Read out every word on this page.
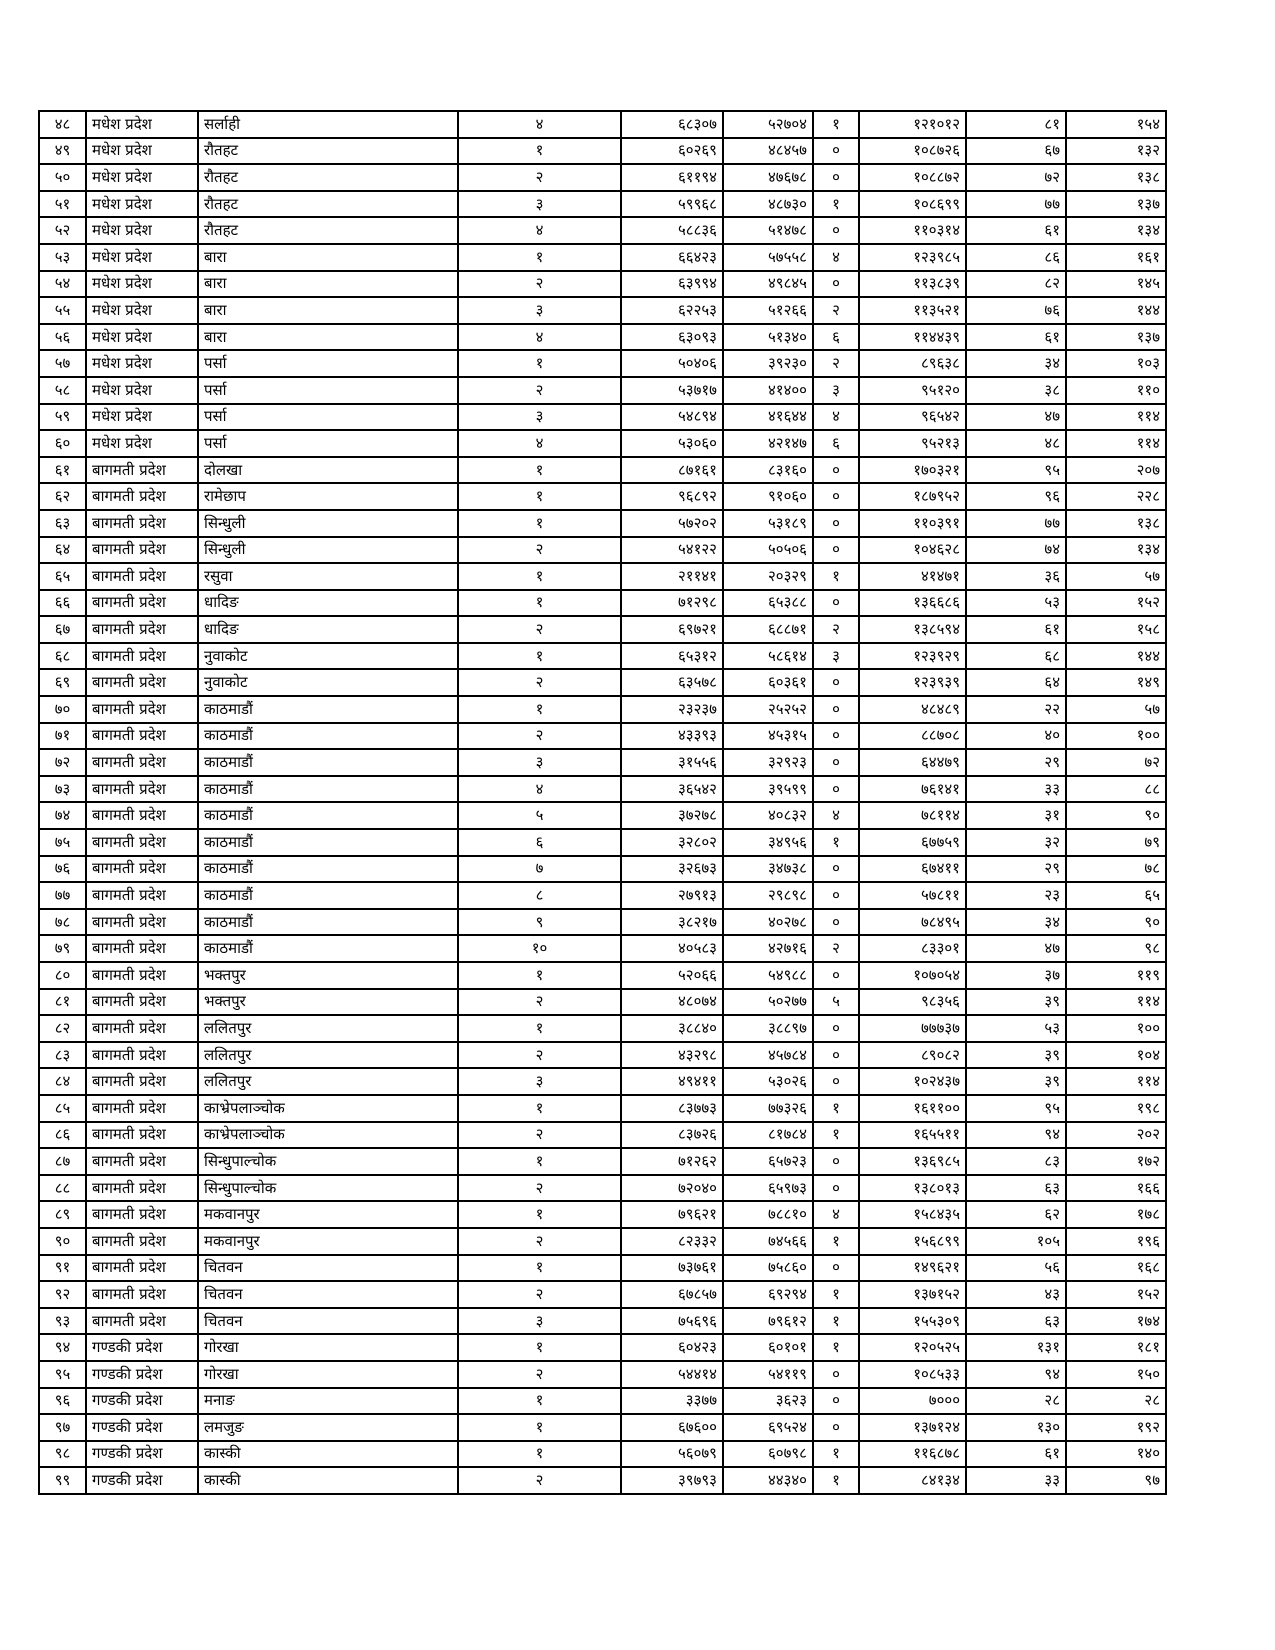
४८	मधेश प्रदेश	सर्लाही	४	६८३०७	५२७०४	१	१२१०१२	८१	१५४
४९	मधेश प्रदेश	रौतहट	१	६०२६९	४८४५७	०	१०८७२६	६७	१३२
५०	मधेश प्रदेश	रौतहट	२	६११९४	४७६७८	०	१०८८७२	७२	१३८
५१	मधेश प्रदेश	रौतहट	३	५९९६८	४८७३०	१	१०८६९९	७७	१३७
५२	मधेश प्रदेश	रौतहट	४	५८८३६	५१४७८	०	११०३१४	६१	१३४
५३	मधेश प्रदेश	बारा	१	६६४२३	५७५५८	४	१२३९८५	८६	१६१
५४	मधेश प्रदेश	बारा	२	६३९९४	४९८४५	०	११३८३९	८२	१४५
५५	मधेश प्रदेश	बारा	३	६२२५३	५१२६६	२	११३५२१	७६	१४४
५६	मधेश प्रदेश	बारा	४	६३०९३	५१३४०	६	११४४३९	६१	१३७
५७	मधेश प्रदेश	पर्सा	१	५०४०६	३९२३०	२	८९६३८	३४	१०३
५८	मधेश प्रदेश	पर्सा	२	५३७१७	४१४००	३	९५१२०	३८	११०
५९	मधेश प्रदेश	पर्सा	३	५४८९४	४१६४४	४	९६५४२	४७	११४
६०	मधेश प्रदेश	पर्सा	४	५३०६०	४२१४७	६	९५२१३	४८	११४
६१	बागमती प्रदेश	दोलखा	१	८७१६१	८३१६०	०	१७०३२१	९५	२०७
६२	बागमती प्रदेश	रामेछाप	१	९६८९२	९१०६०	०	१८७९५२	९६	२२८
६३	बागमती प्रदेश	सिन्धुली	१	५७२०२	५३१८९	०	११०३९१	७७	१३८
६४	बागमती प्रदेश	सिन्धुली	२	५४१२२	५०५०६	०	१०४६२८	७४	१३४
६५	बागमती प्रदेश	रसुवा	१	२११४१	२०३२९	१	४१४७१	३६	५७
६६	बागमती प्रदेश	धादिङ	१	७१२९८	६५३८८	०	१३६६८६	५३	१५२
६७	बागमती प्रदेश	धादिङ	२	६९७२१	६८८७१	२	१३८५९४	६१	१५८
६८	बागमती प्रदेश	नुवाकोट	१	६५३१२	५८६१४	३	१२३९२९	६८	१४४
६९	बागमती प्रदेश	नुवाकोट	२	६३५७८	६०३६१	०	१२३९३९	६४	१४९
७०	बागमती प्रदेश	काठमाडौं	१	२३२३७	२५२५२	०	४८४८९	२२	५७
७१	बागमती प्रदेश	काठमाडौं	२	४३३९३	४५३१५	०	८८७०८	४०	१००
७२	बागमती प्रदेश	काठमाडौं	३	३१५५६	३२९२३	०	६४४७९	२९	७२
७३	बागमती प्रदेश	काठमाडौं	४	३६५४२	३९५९९	०	७६१४१	३३	८८
७४	बागमती प्रदेश	काठमाडौं	५	३७२७८	४०८३२	४	७८११४	३१	९०
७५	बागमती प्रदेश	काठमाडौं	६	३२८०२	३४९५६	१	६७७५९	३२	७९
७६	बागमती प्रदेश	काठमाडौं	७	३२६७३	३४७३८	०	६७४११	२९	७८
७७	बागमती प्रदेश	काठमाडौं	८	२७९१३	२९८९८	०	५७८११	२३	६५
७८	बागमती प्रदेश	काठमाडौं	९	३८२१७	४०२७८	०	७८४९५	३४	९०
७९	बागमती प्रदेश	काठमाडौं	१०	४०५८३	४२७१६	२	८३३०१	४७	९८
८०	बागमती प्रदेश	भक्तपुर	१	५२०६६	५४९८८	०	१०७०५४	३७	११९
८१	बागमती प्रदेश	भक्तपुर	२	४८०७४	५०२७७	५	९८३५६	३९	११४
८२	बागमती प्रदेश	ललितपुर	१	३८८४०	३८८९७	०	७७७३७	५३	१००
८३	बागमती प्रदेश	ललितपुर	२	४३२९८	४५७८४	०	८९०८२	३९	१०४
८४	बागमती प्रदेश	ललितपुर	३	४९४११	५३०२६	०	१०२४३७	३९	११४
८५	बागमती प्रदेश	काभ्रेपलाञ्चोक	१	८३७७३	७७३२६	१	१६११००	९५	१९८
८६	बागमती प्रदेश	काभ्रेपलाञ्चोक	२	८३७२६	८१७८४	१	१६५५११	९४	२०२
८७	बागमती प्रदेश	सिन्धुपाल्चोक	१	७१२६२	६५७२३	०	१३६९८५	८३	१७२
८८	बागमती प्रदेश	सिन्धुपाल्चोक	२	७२०४०	६५९७३	०	१३८०१३	६३	१६६
८९	बागमती प्रदेश	मकवानपुर	१	७९६२१	७८८१०	४	१५८४३५	६२	१७८
९०	बागमती प्रदेश	मकवानपुर	२	८२३३२	७४५६६	१	१५६८९९	१०५	१९६
९१	बागमती प्रदेश	चितवन	१	७३७६१	७५८६०	०	१४९६२१	५६	१६८
९२	बागमती प्रदेश	चितवन	२	६७८५७	६९२९४	१	१३७१५२	४३	१५२
९३	बागमती प्रदेश	चितवन	३	७५६९६	७९६१२	१	१५५३०९	६३	१७४
९४	गण्डकी प्रदेश	गोरखा	१	६०४२३	६०१०१	१	१२०५२५	१३१	१८१
९५	गण्डकी प्रदेश	गोरखा	२	५४४१४	५४११९	०	१०८५३३	९४	१५०
९६	गण्डकी प्रदेश	मनाङ	१	३३७७	३६२३	०	७०००	२८	२८
९७	गण्डकी प्रदेश	लमजुङ	१	६७६००	६९५२४	०	१३७१२४	१३०	१९२
९८	गण्डकी प्रदेश	कास्की	१	५६०७९	६०७९८	१	११६८७८	६१	१४०
९९	गण्डकी प्रदेश	कास्की	२	३९७९३	४४३४०	१	८४१३४	३३	९७
